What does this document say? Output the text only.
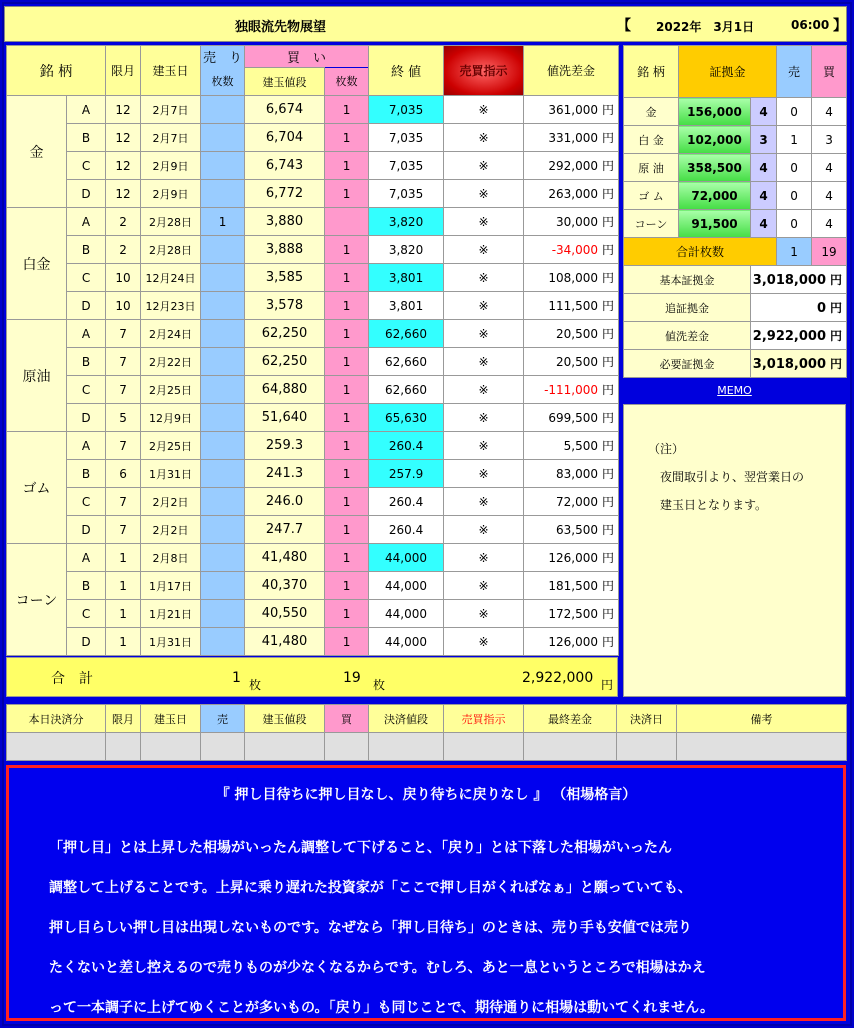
独眼流先物展望	【 2022年　3月1日	06:00 】
銘 柄		限月	建玉日	売　り	買　い		終 値	売買指示	値洗差金
				枚数	建玉値段	枚数			
金	A	12	2月7日		6,674	1	7,035	※	361,000 円
	B	12	2月7日		6,704	1	7,035	※	331,000 円
	C	12	2月9日		6,743	1	7,035	※	292,000 円
	D	12	2月9日		6,772	1	7,035	※	263,000 円
白金	A	2	2月28日	1	3,880		3,820	※	30,000 円
	B	2	2月28日		3,888	1	3,820	※	-34,000 円
	C	10	12月24日		3,585	1	3,801	※	108,000 円
	D	10	12月23日		3,578	1	3,801	※	111,500 円
原油	A	7	2月24日		62,250	1	62,660	※	20,500 円
	B	7	2月22日		62,250	1	62,660	※	20,500 円
	C	7	2月25日		64,880	1	62,660	※	-111,000 円
	D	5	12月9日		51,640	1	65,630	※	699,500 円
ゴム	A	7	2月25日		259.3	1	260.4	※	5,500 円
	B	6	1月31日		241.3	1	257.9	※	83,000 円
	C	7	2月2日		246.0	1	260.4	※	72,000 円
	D	7	2月2日		247.7	1	260.4	※	63,500 円
コーン	A	1	2月8日		41,480	1	44,000	※	126,000 円
	B	1	1月17日		40,370	1	44,000	※	181,500 円
	C	1	1月21日		40,550	1	44,000	※	172,500 円
	D	1	1月31日		41,480	1	44,000	※	126,000 円
銘 柄	証拠金		売	買
金	156,000	4	0	4
白 金	102,000	3	1	3
原 油	358,500	4	0	4
ゴ ム	72,000	4	0	4
コーン	91,500	4	0	4
合計枚数			1	19
基本証拠金		3,018,000 円		
追証拠金		0 円		
値洗差金		2,922,000 円		
必要証拠金		3,018,000 円		
MEMO
（注）
　夜間取引より、翌営業日の
　建玉日となります。
合　計	1 枚	19 枚	2,922,000 円
本日決済分	限月	建玉日	売	建玉値段	買	決済値段	売買指示	最終差金	決済日	備考

『 押し目待ちに押し目なし、戻り待ちに戻りなし 』 （相場格言）
「押し目」とは上昇した相場がいったん調整して下げること、「戻り」とは下落した相場がいったん
調整して上げることです。上昇に乗り遅れた投資家が「ここで押し目がくればなぁ」と願っていても、
押し目らしい押し目は出現しないものです。なぜなら「押し目待ち」のときは、売り手も安値では売り
たくないと差し控えるので売りものが少なくなるからです。むしろ、あと一息というところで相場はかえ
って一本調子に上げてゆくことが多いもの。「戻り」も同じことで、期待通りに相場は動いてくれません。
